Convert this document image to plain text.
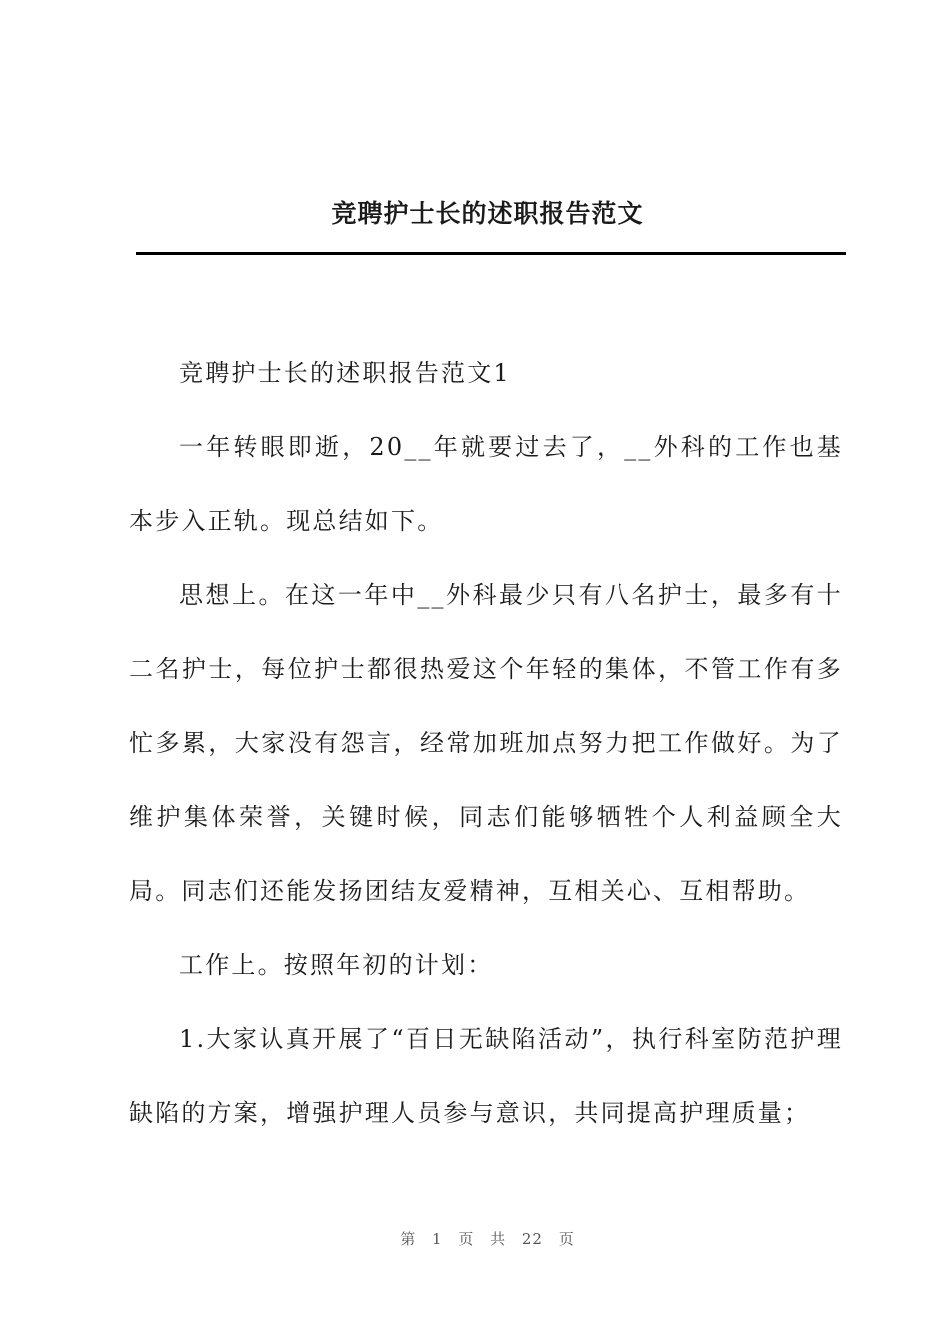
竞聘护士长的述职报告范文

竞聘护士长的述职报告范文1

一年转眼即逝，20__年就要过去了，__外科的工作也基本步入正轨。现总结如下。

思想上。在这一年中__外科最少只有八名护士，最多有十二名护士，每位护士都很热爱这个年轻的集体，不管工作有多忙多累，大家没有怨言，经常加班加点努力把工作做好。为了维护集体荣誉，关键时候，同志们能够牺牲个人利益顾全大局。同志们还能发扬团结友爱精神，互相关心、互相帮助。

工作上。按照年初的计划：

1.大家认真开展了“百日无缺陷活动”，执行科室防范护理缺陷的方案，增强护理人员参与意识，共同提高护理质量；

第 1 页 共 22 页
